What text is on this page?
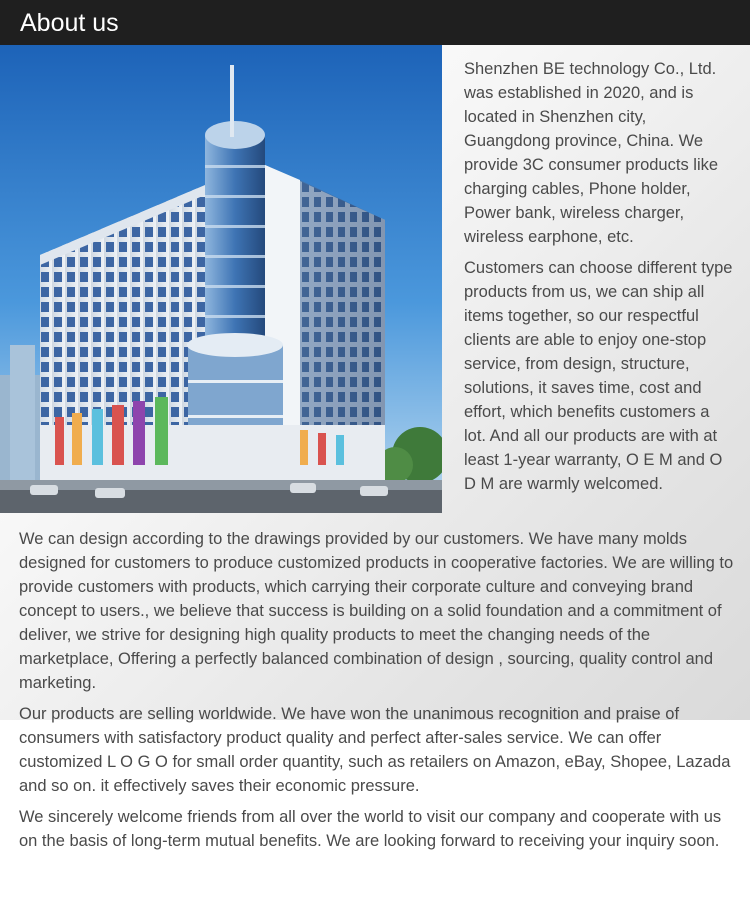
About us

Shenzhen BE technology Co., Ltd. was established in 2020, and is located in Shenzhen city, Guangdong province, China. We provide 3C consumer products like charging cables, Phone holder, Power bank, wireless charger, wireless earphone, etc.

Customers can choose different type products from us, we can ship all items together, so our respectful clients are able to enjoy one-stop service, from design, structure, solutions, it saves time, cost and effort, which benefits customers a lot. And all our products are with at least 1-year warranty, O E M and O D M are warmly welcomed.

We can design according to the drawings provided by our customers. We have many molds designed for customers to produce customized products in cooperative factories. We are willing to provide customers with products, which carrying their corporate culture and conveying brand concept to users., we believe that success is building on a solid foundation and a commitment of deliver, we strive for designing high quality products to meet the changing needs of the marketplace, Offering a perfectly balanced combination of design , sourcing, quality control and marketing.

Our products are selling worldwide. We have won the unanimous recognition and praise of consumers with satisfactory product quality and perfect after-sales service. We can offer customized L O G O for small order quantity, such as retailers on Amazon, eBay, Shopee, Lazada and so on. it effectively saves their economic pressure.

We sincerely welcome friends from all over the world to visit our company and cooperate with us on the basis of long-term mutual benefits. We are looking forward to receiving your inquiry soon.
